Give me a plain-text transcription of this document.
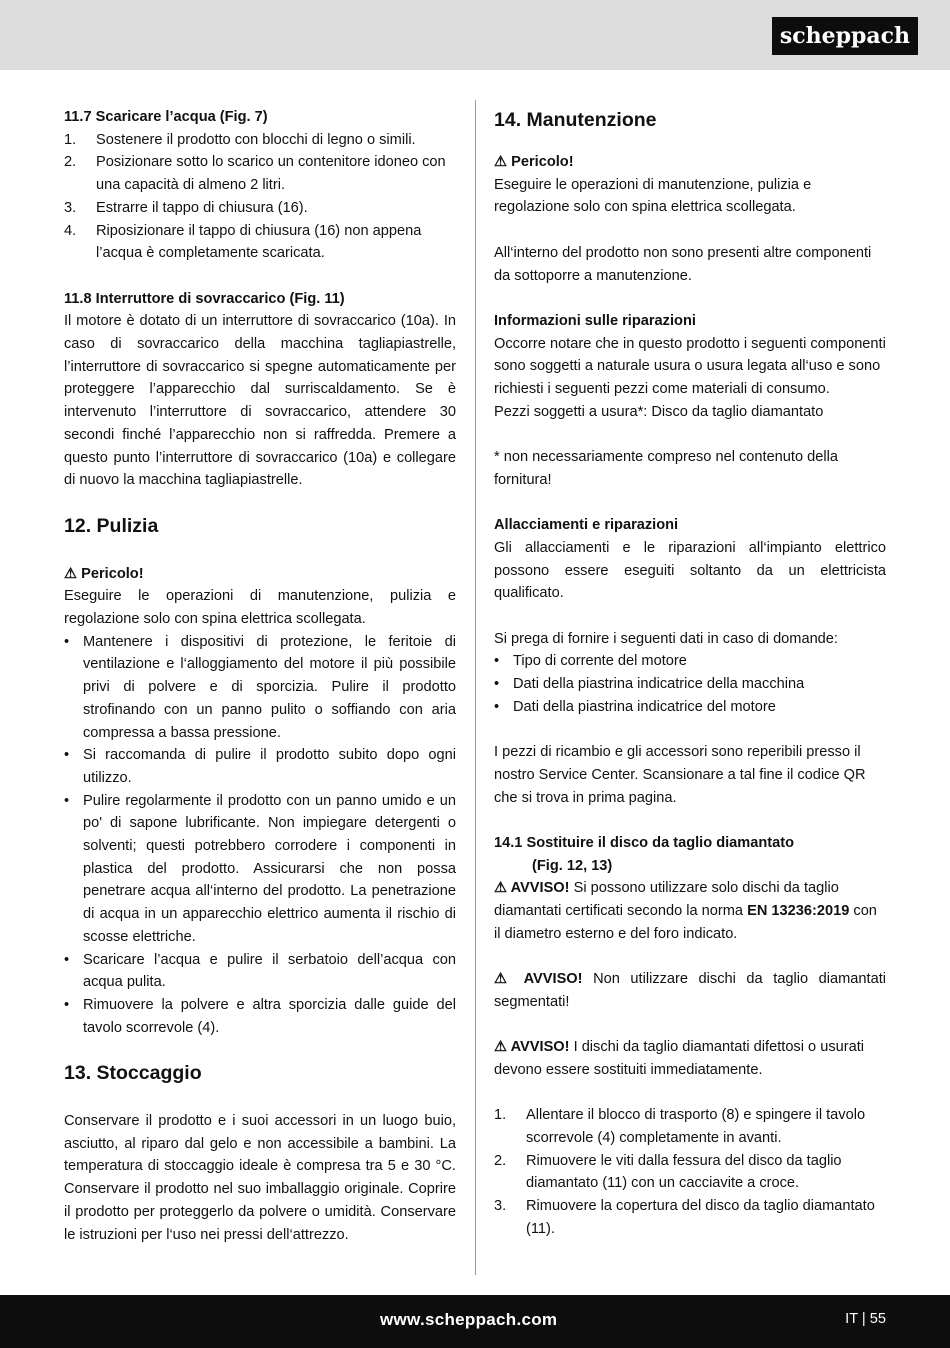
scheppach

11.7 Scaricare l’acqua (Fig. 7)

1. Sostenere il prodotto con blocchi di legno o simili.
2. Posizionare sotto lo scarico un contenitore idoneo con una capacità di almeno 2 litri.
3. Estrarre il tappo di chiusura (16).
4. Riposizionare il tappo di chiusura (16) non appena l’acqua è completamente scaricata.

11.8 Interruttore di sovraccarico (Fig. 11)

Il motore è dotato di un interruttore di sovraccarico (10a). In caso di sovraccarico della macchina tagliapiastrelle, l’interruttore di sovraccarico si spegne automaticamente per proteggere l’apparecchio dal surriscaldamento. Se è intervenuto l’interruttore di sovraccarico, attendere 30 secondi finché l’apparecchio non si raffredda. Premere a questo punto l’interruttore di sovraccarico (10a) e collegare di nuovo la macchina tagliapiastrelle.

12. Pulizia

⚠ Pericolo!

Eseguire le operazioni di manutenzione, pulizia e regolazione solo con spina elettrica scollegata.

• Mantenere i dispositivi di protezione, le feritoie di ventilazione e l‘alloggiamento del motore il più possibile privi di polvere e di sporcizia. Pulire il prodotto strofinando con un panno pulito o soffiando con aria compressa a bassa pressione.
• Si raccomanda di pulire il prodotto subito dopo ogni utilizzo.
• Pulire regolarmente il prodotto con un panno umido e un po' di sapone lubrificante. Non impiegare detergenti o solventi; questi potrebbero corrodere i componenti in plastica del prodotto. Assicurarsi che non possa penetrare acqua all‘interno del prodotto. La penetrazione di acqua in un apparecchio elettrico aumenta il rischio di scosse elettriche.
• Scaricare l’acqua e pulire il serbatoio dell’acqua con acqua pulita.
• Rimuovere la polvere e altra sporcizia dalle guide del tavolo scorrevole (4).

13. Stoccaggio

Conservare il prodotto e i suoi accessori in un luogo buio, asciutto, al riparo dal gelo e non accessibile a bambini. La temperatura di stoccaggio ideale è compresa tra 5 e 30 °C. Conservare il prodotto nel suo imballaggio originale. Coprire il prodotto per proteggerlo da polvere o umidità. Conservare le istruzioni per l‘uso nei pressi dell‘attrezzo.

14. Manutenzione

⚠ Pericolo!

Eseguire le operazioni di manutenzione, pulizia e regolazione solo con spina elettrica scollegata.

All‘interno del prodotto non sono presenti altre componenti da sottoporre a manutenzione.

Informazioni sulle riparazioni

Occorre notare che in questo prodotto i seguenti componenti sono soggetti a naturale usura o usura legata all‘uso e sono richiesti i seguenti pezzi come materiali di consumo.

Pezzi soggetti a usura*: Disco da taglio diamantato

* non necessariamente compreso nel contenuto della fornitura!

Allacciamenti e riparazioni

Gli allacciamenti e le riparazioni all‘impianto elettrico possono essere eseguiti soltanto da un elettricista qualificato.

Si prega di fornire i seguenti dati in caso di domande:

• Tipo di corrente del motore
• Dati della piastrina indicatrice della macchina
• Dati della piastrina indicatrice del motore

I pezzi di ricambio e gli accessori sono reperibili presso il nostro Service Center. Scansionare a tal fine il codice QR che si trova in prima pagina.

14.1 Sostituire il disco da taglio diamantato

(Fig. 12, 13)

⚠ AVVISO! Si possono utilizzare solo dischi da taglio diamantati certificati secondo la norma EN 13236:2019 con il diametro esterno e del foro indicato.

⚠ AVVISO! Non utilizzare dischi da taglio diamantati segmentati!

⚠ AVVISO! I dischi da taglio diamantati difettosi o usurati devono essere sostituiti immediatamente.

1. Allentare il blocco di trasporto (8) e spingere il tavolo scorrevole (4) completamente in avanti.
2. Rimuovere le viti dalla fessura del disco da taglio diamantato (11) con un cacciavite a croce.
3. Rimuovere la copertura del disco da taglio diamantato (11).
www.scheppach.com	IT | 55
